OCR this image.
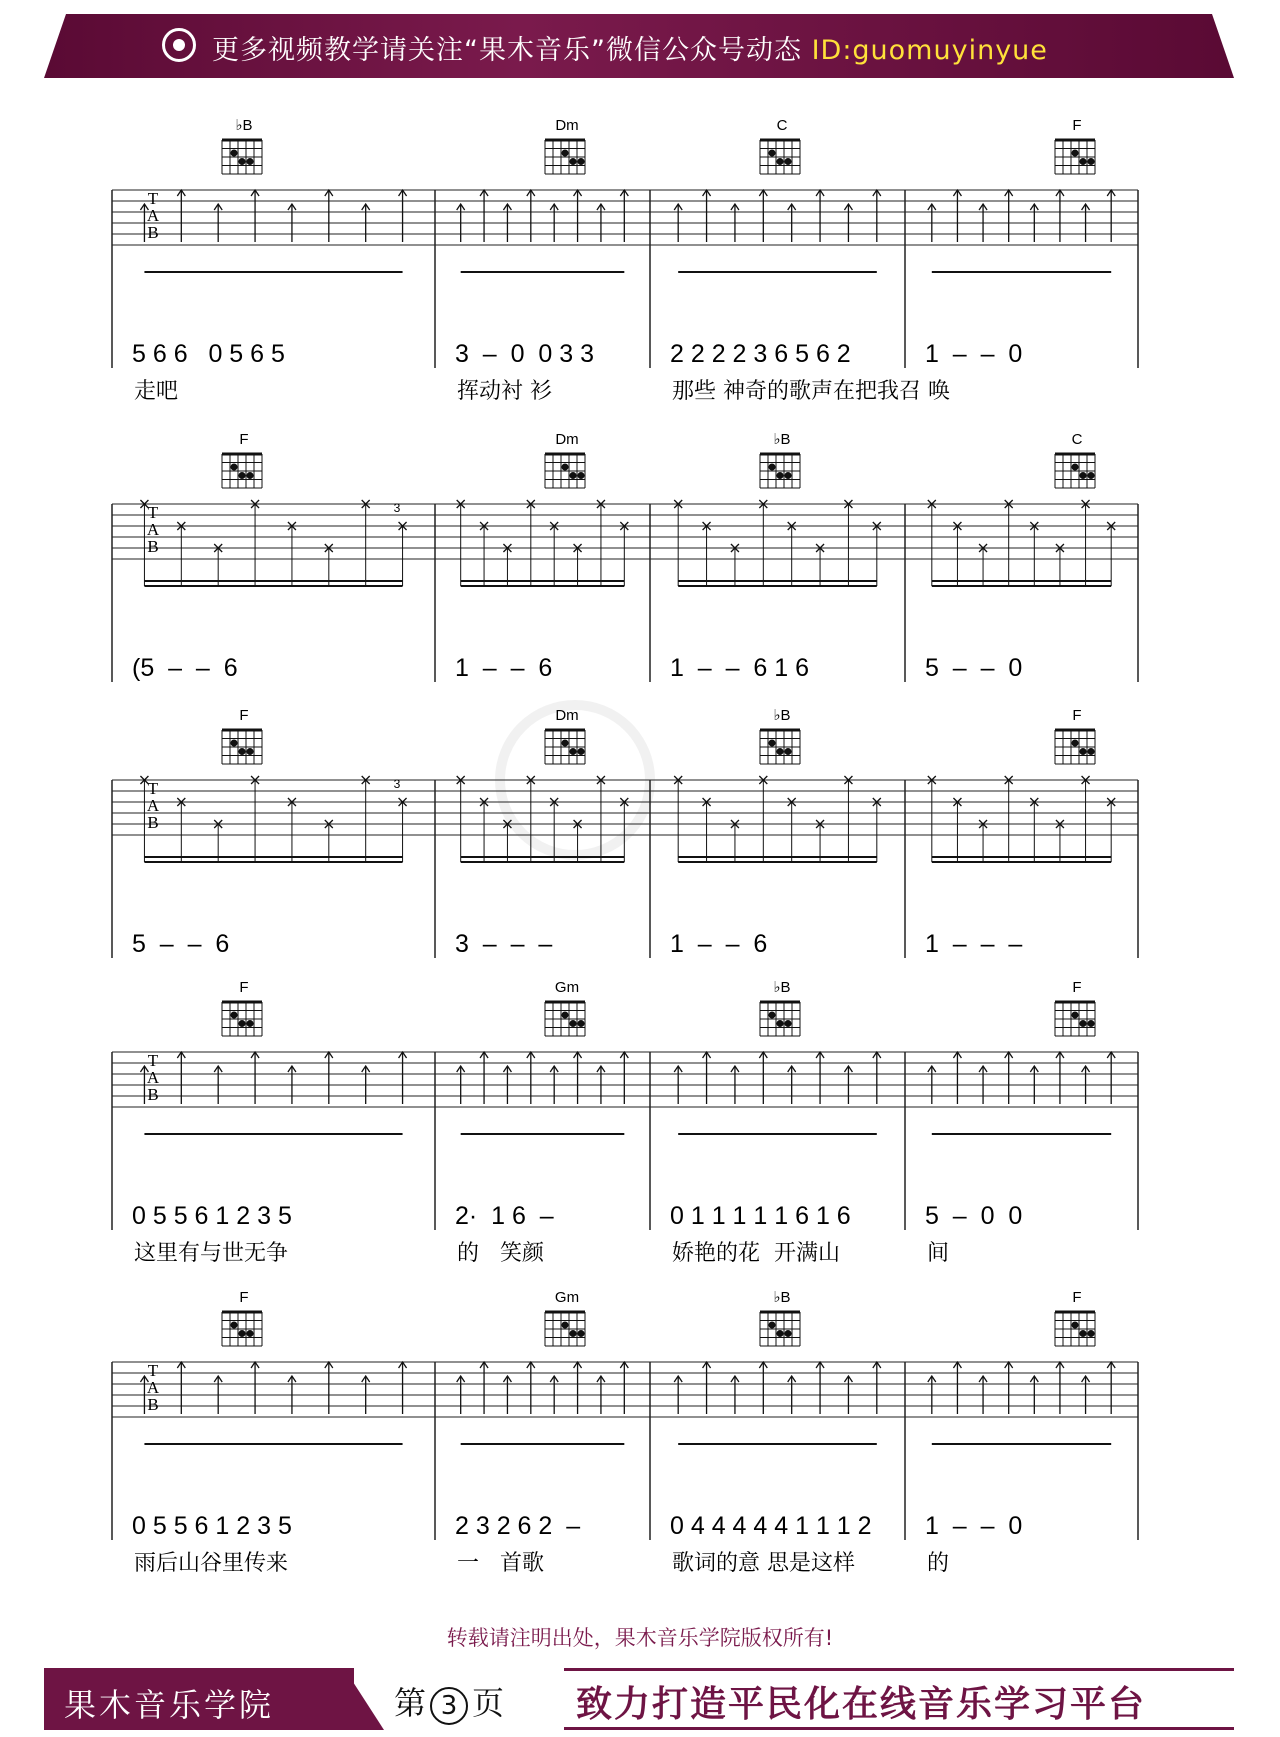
更多视频教学请关注“果木音乐”微信公众号动态 ID:guomuyinyue
♭B	Dm	C	F
T
A
B
5 6 6   0 5 6 5	3  –  0  0 3 3	2 2 2 2 3 6 5 6 2	1  –  –  0
走吧	挥动衬 衫	那些 神奇的歌声在把我召 唤
F	Dm	♭B	C
T
A
B
3
(5  –  –  6	1  –  –  6	1  –  –  6 1 6	5  –  –  0
F	Dm	♭B	F
T
A
B
3
5  –  –  6	3  –  –  –	1  –  –  6	1  –  –  –
F	Gm	♭B	F
T
A
B
0 5 5 6 1 2 3 5	2·  1 6  –	0 1 1 1 1 1 6 1 6	5  –  0  0
这里有与世无争	的   笑颜	娇艳的花  开满山	间
F	Gm	♭B	F
T
A
B
0 5 5 6 1 2 3 5	2 3 2 6 2  –	0 4 4 4 4 4 1 1 1 2 1  –  –  0
雨后山谷里传来	一   首歌	歌词的意 思是这样	的
转载请注明出处，果木音乐学院版权所有!
果木音乐学院	第 3 页 致力打造平民化在线音乐学习平台
